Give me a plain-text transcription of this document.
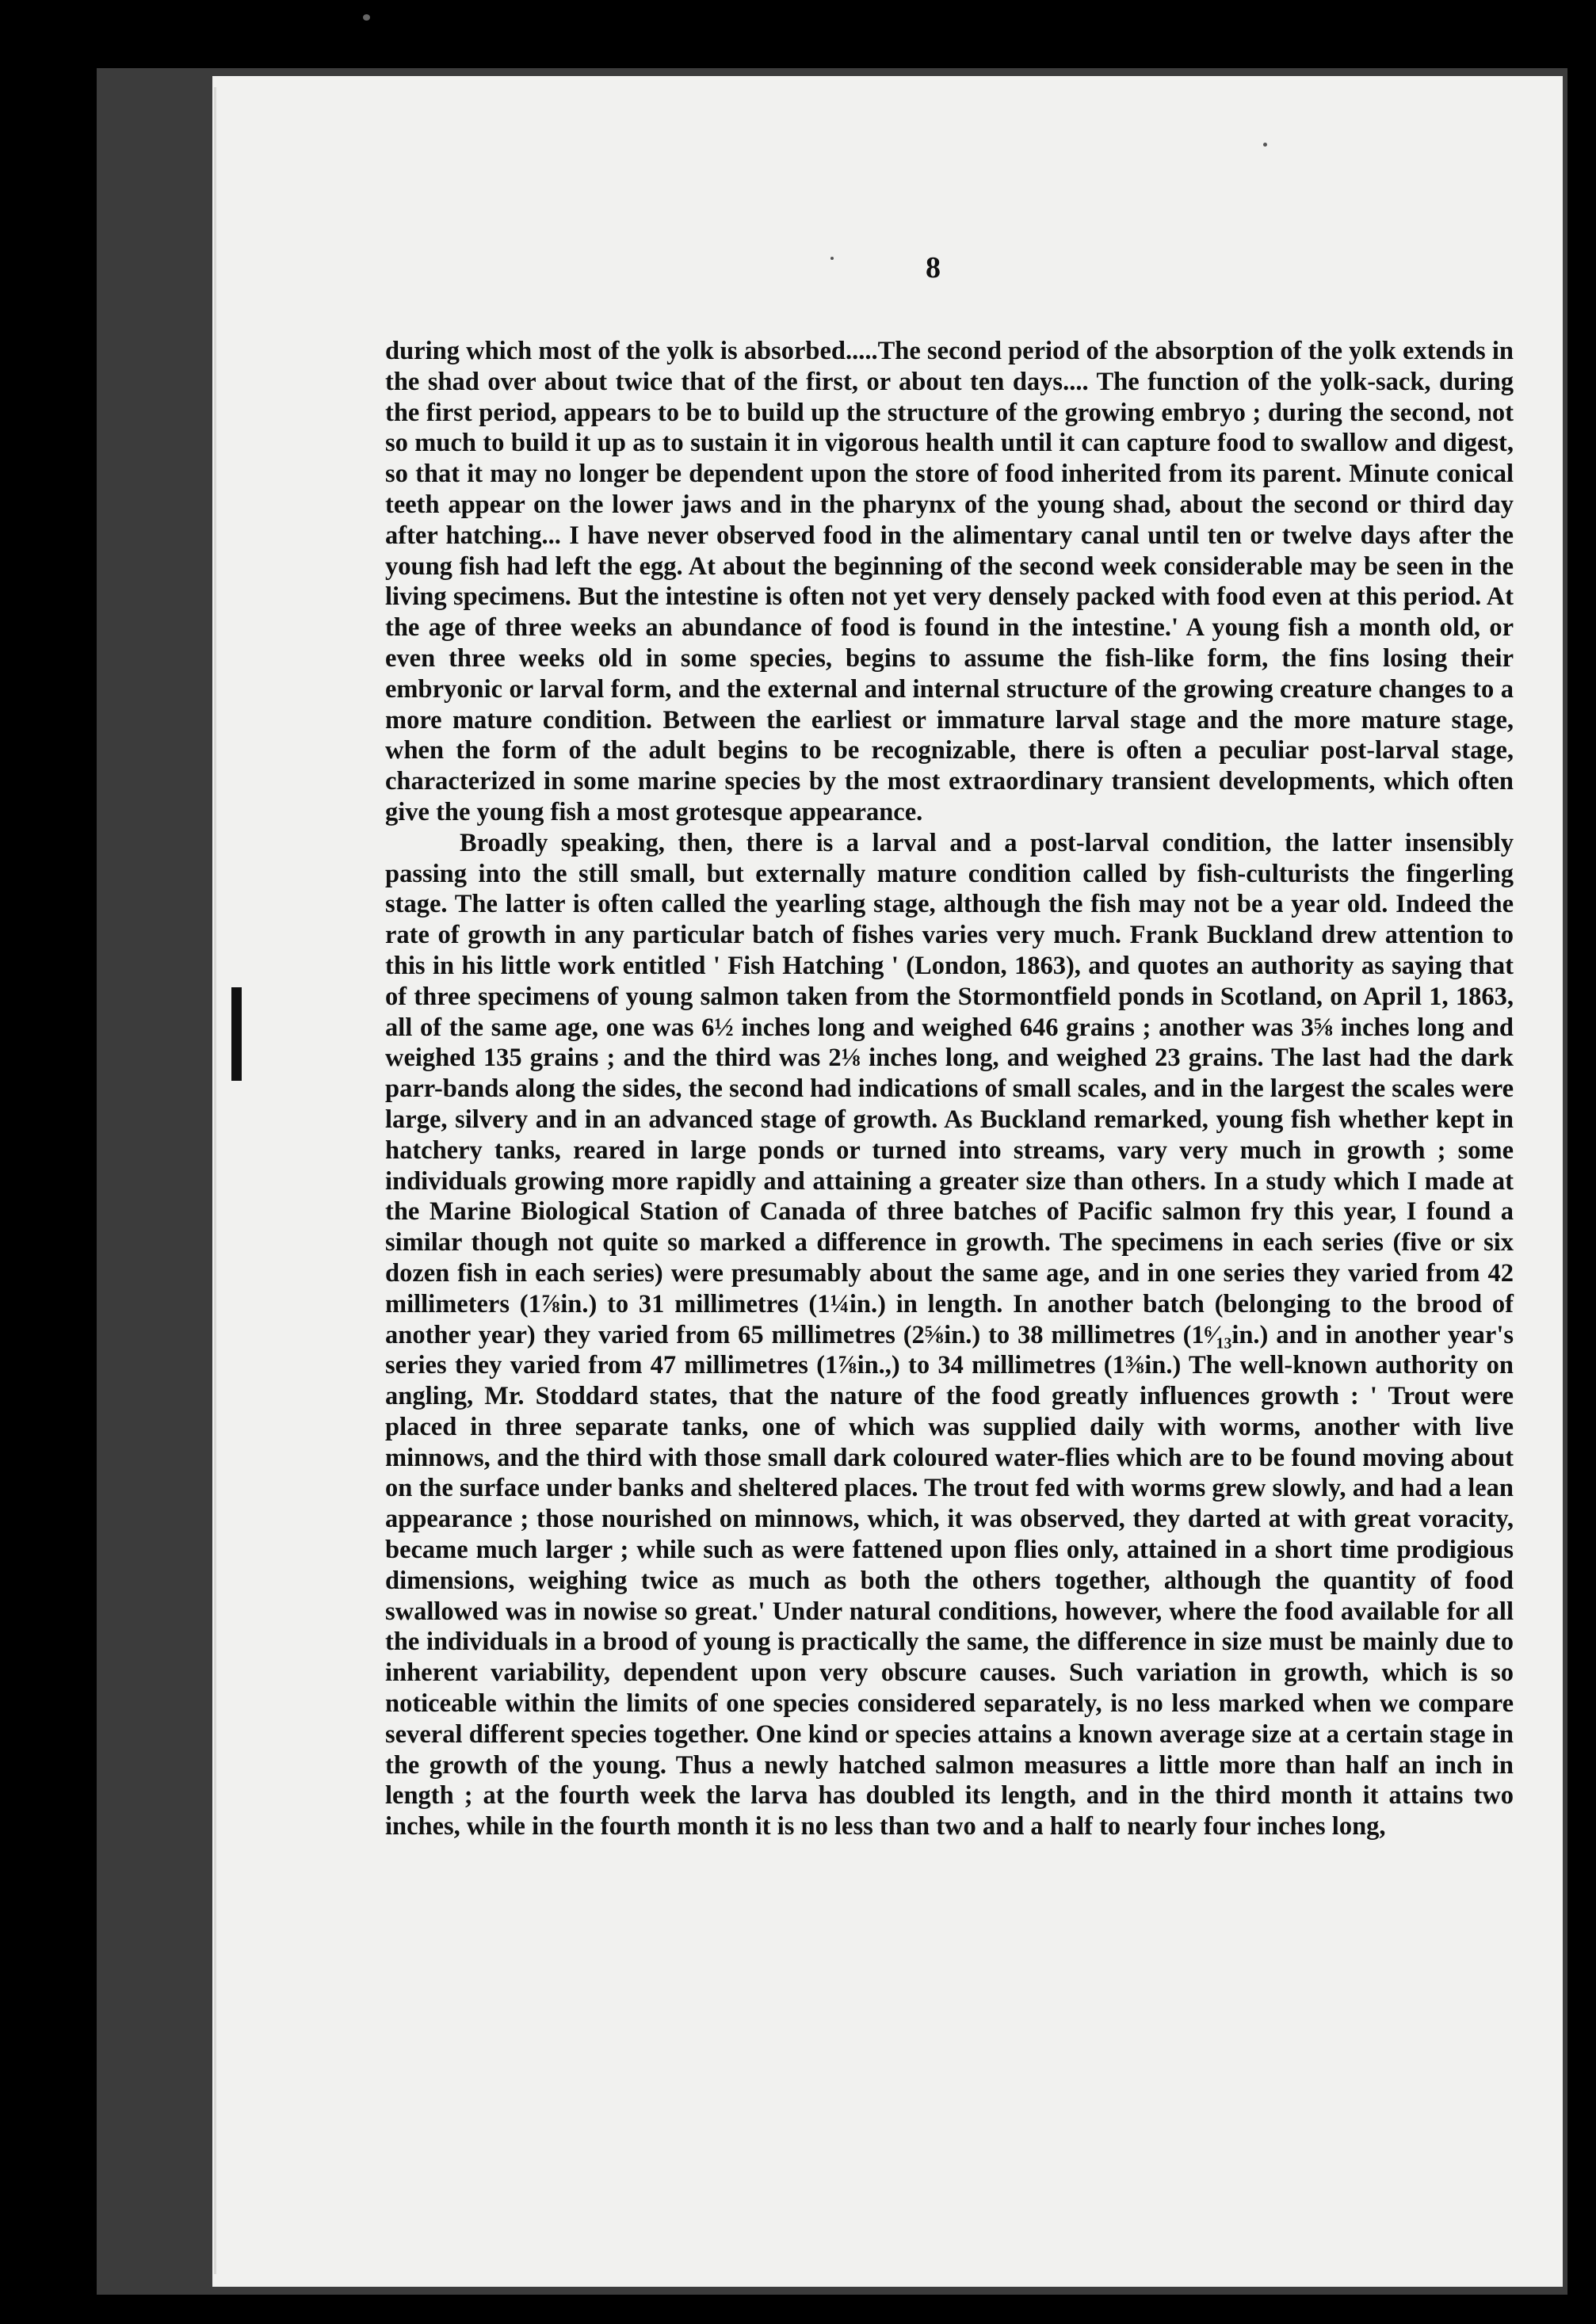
8

during which most of the yolk is absorbed.....The second period of the absorption of the yolk extends in the shad over about twice that of the first, or about ten days.... The function of the yolk-sack, during the first period, appears to be to build up the structure of the growing embryo ; during the second, not so much to build it up as to sustain it in vigorous health until it can capture food to swallow and digest, so that it may no longer be dependent upon the store of food inherited from its parent. Minute conical teeth appear on the lower jaws and in the pharynx of the young shad, about the second or third day after hatching... I have never observed food in the alimentary canal until ten or twelve days after the young fish had left the egg. At about the beginning of the second week considerable may be seen in the living specimens. But the intestine is often not yet very densely packed with food even at this period. At the age of three weeks an abundance of food is found in the intestine.' A young fish a month old, or even three weeks old in some species, begins to assume the fish-like form, the fins losing their embryonic or larval form, and the external and internal structure of the growing creature changes to a more mature condition. Between the earliest or immature larval stage and the more mature stage, when the form of the adult begins to be recognizable, there is often a peculiar post-larval stage, characterized in some marine species by the most extraordinary transient developments, which often give the young fish a most grotesque appearance.

Broadly speaking, then, there is a larval and a post-larval condition, the latter insensibly passing into the still small, but externally mature condition called by fish-culturists the fingerling stage. The latter is often called the yearling stage, although the fish may not be a year old. Indeed the rate of growth in any particular batch of fishes varies very much. Frank Buckland drew attention to this in his little work entitled ' Fish Hatching ' (London, 1863), and quotes an authority as saying that of three specimens of young salmon taken from the Stormontfield ponds in Scotland, on April 1, 1863, all of the same age, one was 6½ inches long and weighed 646 grains ; another was 3⅝ inches long and weighed 135 grains ; and the third was 2⅛ inches long, and weighed 23 grains. The last had the dark parr-bands along the sides, the second had indications of small scales, and in the largest the scales were large, silvery and in an advanced stage of growth. As Buckland remarked, young fish whether kept in hatchery tanks, reared in large ponds or turned into streams, vary very much in growth ; some individuals growing more rapidly and attaining a greater size than others. In a study which I made at the Marine Biological Station of Canada of three batches of Pacific salmon fry this year, I found a similar though not quite so marked a difference in growth. The specimens in each series (five or six dozen fish in each series) were presumably about the same age, and in one series they varied from 42 millimeters (1⅞in.) to 31 millimetres (1¼in.) in length. In another batch (belonging to the brood of another year) they varied from 65 millimetres (2⅝in.) to 38 millimetres (1⁶⁄₁₃in.) and in another year's series they varied from 47 millimetres (1⅞in.,) to 34 millimetres (1⅜in.) The well-known authority on angling, Mr. Stoddard states, that the nature of the food greatly influences growth : ' Trout were placed in three separate tanks, one of which was supplied daily with worms, another with live minnows, and the third with those small dark coloured water-flies which are to be found moving about on the surface under banks and sheltered places. The trout fed with worms grew slowly, and had a lean appearance ; those nourished on minnows, which, it was observed, they darted at with great voracity, became much larger ; while such as were fattened upon flies only, attained in a short time prodigious dimensions, weighing twice as much as both the others together, although the quantity of food swallowed was in nowise so great.' Under natural conditions, however, where the food available for all the individuals in a brood of young is practically the same, the difference in size must be mainly due to inherent variability, dependent upon very obscure causes. Such variation in growth, which is so noticeable within the limits of one species considered separately, is no less marked when we compare several different species together. One kind or species attains a known average size at a certain stage in the growth of the young. Thus a newly hatched salmon measures a little more than half an inch in length ; at the fourth week the larva has doubled its length, and in the third month it attains two inches, while in the fourth month it is no less than two and a half to nearly four inches long,
